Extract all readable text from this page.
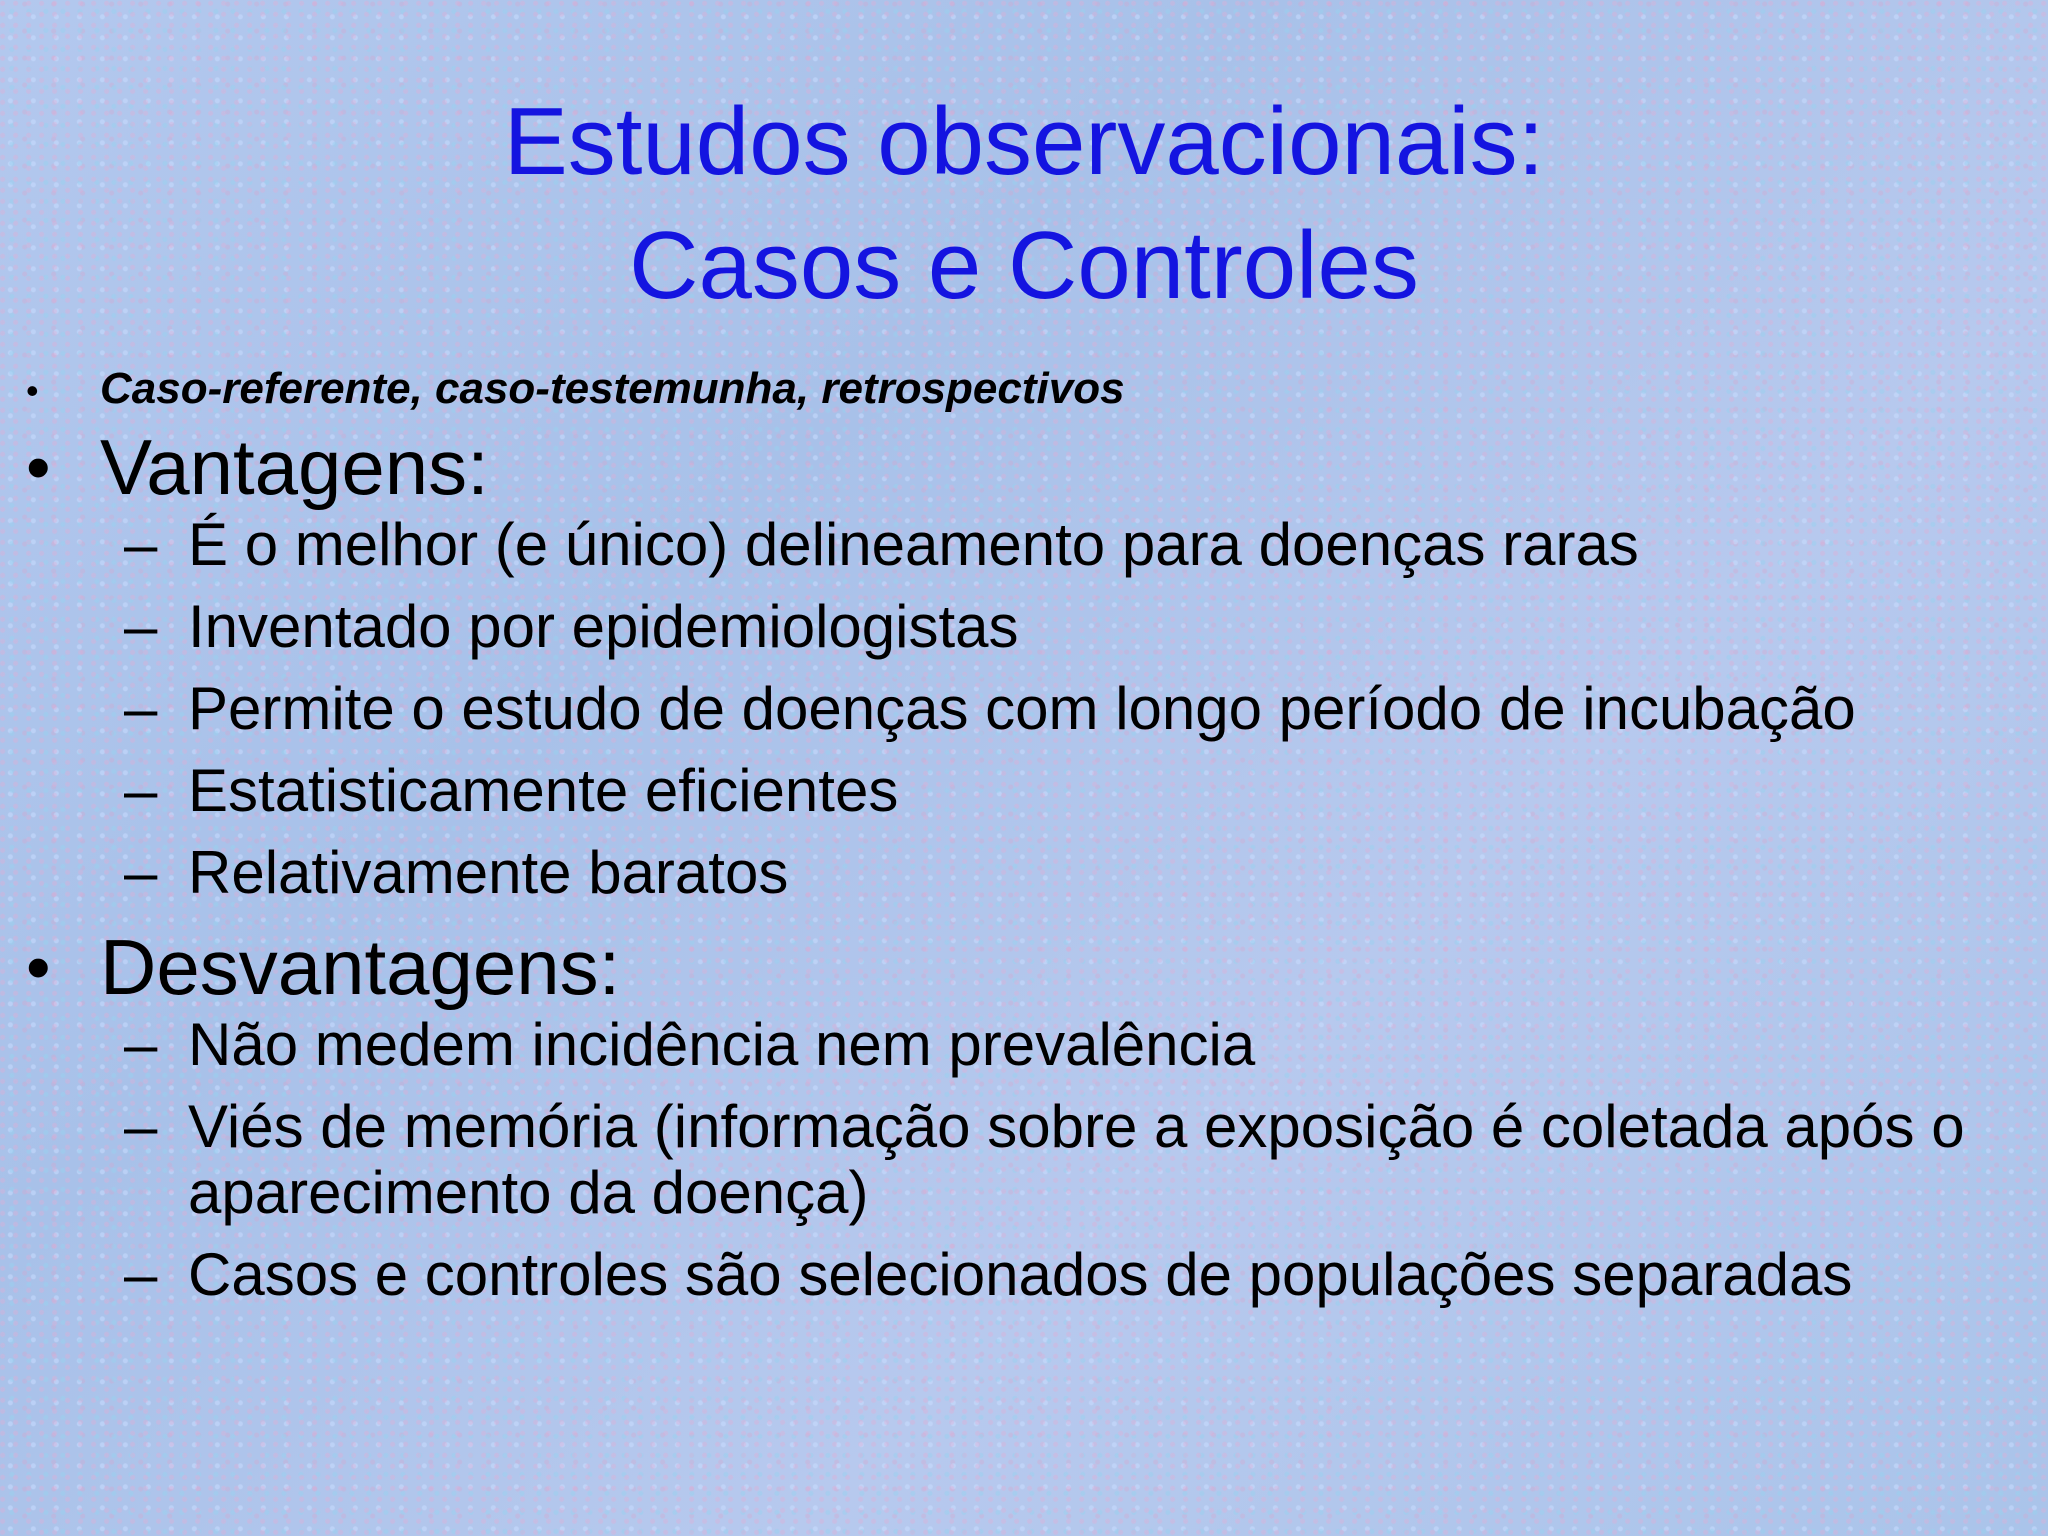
Estudos observacionais:
Casos e Controles
• Caso-referente, caso-testemunha, retrospectivos
• Vantagens:
– É o melhor (e único) delineamento para doenças raras
– Inventado por epidemiologistas
– Permite o estudo de doenças com longo período de incubação
– Estatisticamente eficientes
– Relativamente baratos
• Desvantagens:
– Não medem incidência nem prevalência
– Viés de memória (informação sobre a exposição é coletada após o aparecimento da doença)
– Casos e controles são selecionados de populações separadas
